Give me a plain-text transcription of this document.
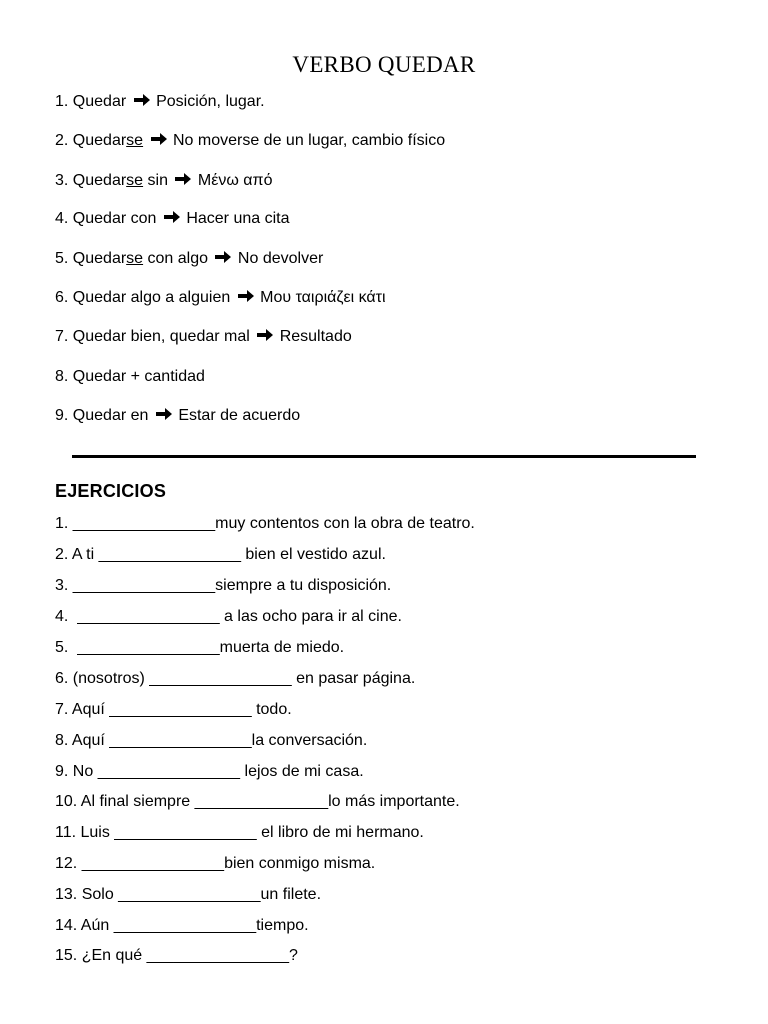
VERBO QUEDAR
1. Quedar Posición, lugar.
2. Quedarse No moverse de un lugar, cambio físico
3. Quedarse sin Μένω από
4. Quedar con Hacer una cita
5. Quedarse con algo No devolver
6. Quedar algo a alguien Μου ταιριάζει κάτι
7. Quedar bien, quedar mal Resultado
8. Quedar + cantidad
9. Quedar en Estar de acuerdo
EJERCICIOS
1. ________________muy contentos con la obra de teatro.
2. A ti ________________ bien el vestido azul.
3. ________________siempre a tu disposición.
4.  ________________ a las ocho para ir al cine.
5.  ________________muerta de miedo.
6. (nosotros) ________________ en pasar página.
7. Aquí ________________ todo.
8. Aquí ________________la conversación.
9. No ________________ lejos de mi casa.
10. Al final siempre _______________lo más importante.
11. Luis ________________ el libro de mi hermano.
12. ________________bien conmigo misma.
13. Solo ________________un filete.
14. Aún ________________tiempo.
15. ¿En qué ________________?
